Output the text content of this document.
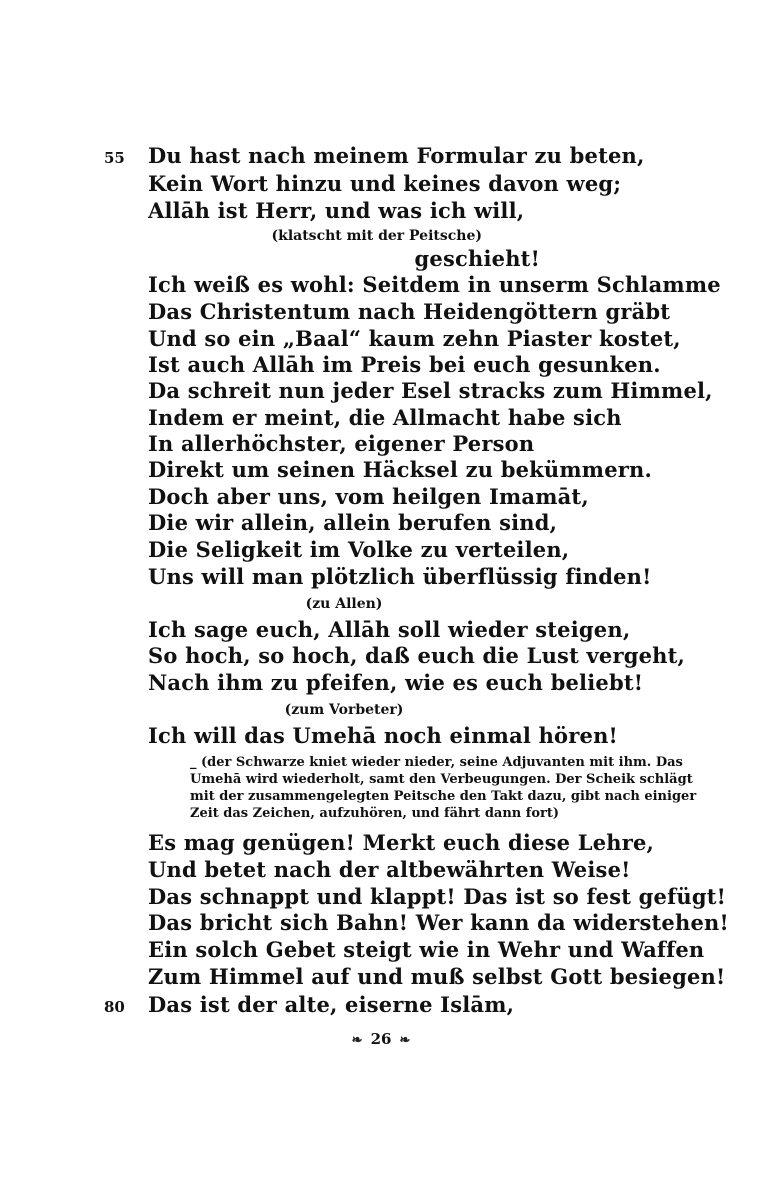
55
80
Du hast nach meinem Formular zu beten,
Kein Wort hinzu und keines davon weg;
Allāh ist Herr, und was ich will,
(klatscht mit der Peitsche)
geschieht!
Ich weiß es wohl: Seitdem in unserm Schlamme
Das Christentum nach Heidengöttern gräbt
Und so ein „Baal“ kaum zehn Piaster kostet,
Ist auch Allāh im Preis bei euch gesunken.
Da schreit nun jeder Esel stracks zum Himmel,
Indem er meint, die Allmacht habe sich
In allerhöchster, eigener Person
Direkt um seinen Häcksel zu bekümmern.
Doch aber uns, vom heilgen Imamāt,
Die wir allein, allein berufen sind,
Die Seligkeit im Volke zu verteilen,
Uns will man plötzlich überflüssig finden!
(zu Allen)
Ich sage euch, Allāh soll wieder steigen,
So hoch, so hoch, daß euch die Lust vergeht,
Nach ihm zu pfeifen, wie es euch beliebt!
(zum Vorbeter)
Ich will das Umehā noch einmal hören!
_ (der Schwarze kniet wieder nieder, seine Adjuvanten mit ihm. Das
Umehā wird wiederholt, samt den Verbeugungen. Der Scheik schlägt
mit der zusammengelegten Peitsche den Takt dazu, gibt nach einiger
Zeit das Zeichen, aufzuhören, und fährt dann fort)
Es mag genügen! Merkt euch diese Lehre,
Und betet nach der altbewährten Weise!
Das schnappt und klappt! Das ist so fest gefügt!
Das bricht sich Bahn! Wer kann da widerstehen!
Ein solch Gebet steigt wie in Wehr und Waffen
Zum Himmel auf und muß selbst Gott besiegen!
Das ist der alte, eiserne Islām,
❧ 26 ❧
